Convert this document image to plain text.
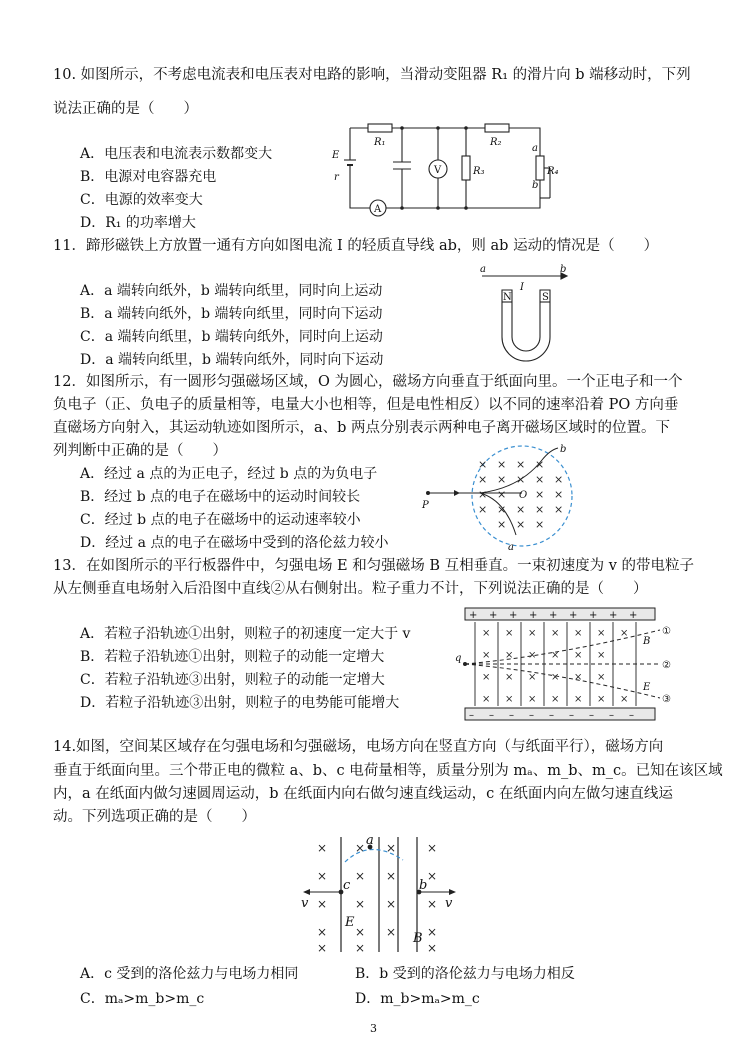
10. 如图所示，不考虑电流表和电压表对电路的影响，当滑动变阻器 R₁ 的滑片向 b 端移动时，下列
说法正确的是（　　）
A．电压表和电流表示数都变大
B．电源对电容器充电
C．电源的效率变大
D．R₁ 的功率增大
E
r
R₁	R₂
R₃	R₄
a
b
V
A
11．蹄形磁铁上方放置一通有方向如图电流 I 的轻质直导线 ab，则 ab 运动的情况是（　　）
A．a 端转向纸外，b 端转向纸里，同时向上运动
B．a 端转向纸外，b 端转向纸里，同时向下运动
C．a 端转向纸里，b 端转向纸外，同时向上运动
D．a 端转向纸里，b 端转向纸外，同时向下运动
a	b
I
N	S
12．如图所示，有一圆形匀强磁场区域，O 为圆心，磁场方向垂直于纸面向里。一个正电子和一个
负电子（正、负电子的质量相等，电量大小也相等，但是电性相反）以不同的速率沿着 PO 方向垂
直磁场方向射入，其运动轨迹如图所示，a、b 两点分别表示两种电子离开磁场区域时的位置。下
列判断中正确的是（　　）
A．经过 a 点的为正电子，经过 b 点的为负电子
B．经过 b 点的电子在磁场中的运动时间较长
C．经过 b 点的电子在磁场中的运动速率较小
D．经过 a 点的电子在磁场中受到的洛伦兹力较小
× × × ×
× × × × ×
× ×	× ×
× × × × ×
× × ×
P
O
b
a
13．在如图所示的平行板器件中，匀强电场 E 和匀强磁场 B 互相垂直。一束初速度为 v 的带电粒子
从左侧垂直电场射入后沿图中直线②从右侧射出。粒子重力不计，下列说法正确的是（　　）
A．若粒子沿轨迹①出射，则粒子的初速度一定大于 v
B．若粒子沿轨迹①出射，则粒子的动能一定增大
C．若粒子沿轨迹③出射，则粒子的动能一定增大
D．若粒子沿轨迹③出射，则粒子的电势能可能增大
+ + + + + + + + +
– – – – – – – – –
× × × × × × ×
× × × × × ×
× × × × × ×
× × × × × × ×
q
B
E
①
②
③
14.如图，空间某区域存在匀强电场和匀强磁场，电场方向在竖直方向（与纸面平行），磁场方向
垂直于纸面向里。三个带正电的微粒 a、b、c 电荷量相等，质量分别为 mₐ、m_b、m_c。已知在该区域
内，a 在纸面内做匀速圆周运动，b 在纸面内向右做匀速直线运动，c 在纸面内向左做匀速直线运
动。下列选项正确的是（　　）
× × ×	×
× × ×	×
× × ×	×
× × ×	×
× ×	×
a
c	b
v	v
E
B
A．c 受到的洛伦兹力与电场力相同	B．b 受到的洛伦兹力与电场力相反
C．mₐ>m_b>m_c	D．m_b>mₐ>m_c
3
